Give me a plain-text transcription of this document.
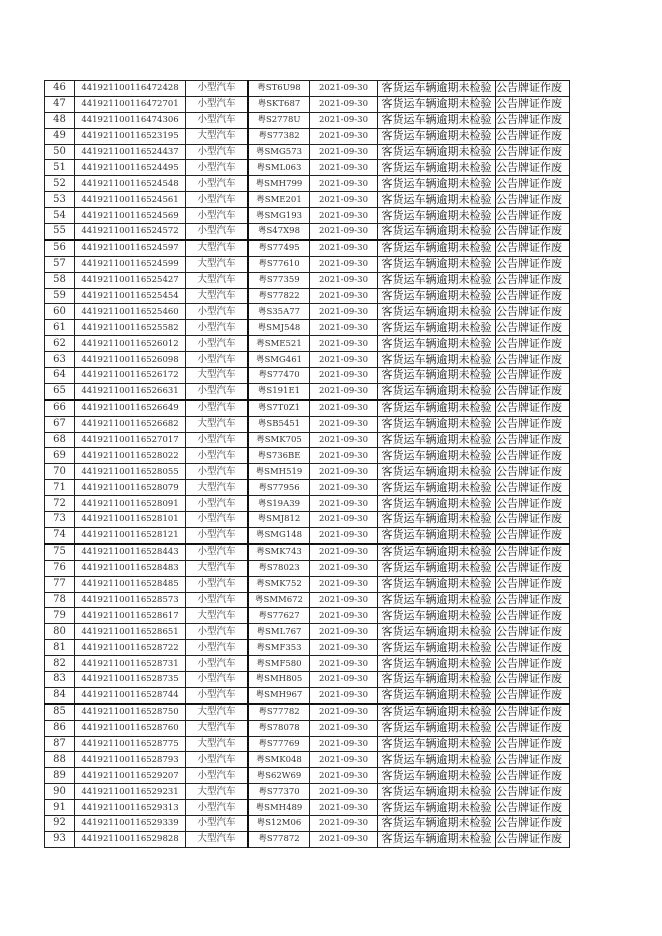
46	441921100116472428	小型汽车	粤ST6U98	2021-09-30	客货运车辆逾期未检验	公告牌证作废
47	441921100116472701	小型汽车	粤SKT687	2021-09-30	客货运车辆逾期未检验	公告牌证作废
48	441921100116474306	小型汽车	粤S2778U	2021-09-30	客货运车辆逾期未检验	公告牌证作废
49	441921100116523195	大型汽车	粤S77382	2021-09-30	客货运车辆逾期未检验	公告牌证作废
50	441921100116524437	小型汽车	粤SMG573	2021-09-30	客货运车辆逾期未检验	公告牌证作废
51	441921100116524495	小型汽车	粤SML063	2021-09-30	客货运车辆逾期未检验	公告牌证作废
52	441921100116524548	小型汽车	粤SMH799	2021-09-30	客货运车辆逾期未检验	公告牌证作废
53	441921100116524561	小型汽车	粤SME201	2021-09-30	客货运车辆逾期未检验	公告牌证作废
54	441921100116524569	小型汽车	粤SMG193	2021-09-30	客货运车辆逾期未检验	公告牌证作废
55	441921100116524572	小型汽车	粤S47X98	2021-09-30	客货运车辆逾期未检验	公告牌证作废
56	441921100116524597	大型汽车	粤S77495	2021-09-30	客货运车辆逾期未检验	公告牌证作废
57	441921100116524599	大型汽车	粤S77610	2021-09-30	客货运车辆逾期未检验	公告牌证作废
58	441921100116525427	大型汽车	粤S77359	2021-09-30	客货运车辆逾期未检验	公告牌证作废
59	441921100116525454	大型汽车	粤S77822	2021-09-30	客货运车辆逾期未检验	公告牌证作废
60	441921100116525460	小型汽车	粤S35A77	2021-09-30	客货运车辆逾期未检验	公告牌证作废
61	441921100116525582	小型汽车	粤SMJ548	2021-09-30	客货运车辆逾期未检验	公告牌证作废
62	441921100116526012	小型汽车	粤SME521	2021-09-30	客货运车辆逾期未检验	公告牌证作废
63	441921100116526098	小型汽车	粤SMG461	2021-09-30	客货运车辆逾期未检验	公告牌证作废
64	441921100116526172	大型汽车	粤S77470	2021-09-30	客货运车辆逾期未检验	公告牌证作废
65	441921100116526631	小型汽车	粤S191E1	2021-09-30	客货运车辆逾期未检验	公告牌证作废
66	441921100116526649	小型汽车	粤S7T0Z1	2021-09-30	客货运车辆逾期未检验	公告牌证作废
67	441921100116526682	大型汽车	粤SB5451	2021-09-30	客货运车辆逾期未检验	公告牌证作废
68	441921100116527017	小型汽车	粤SMK705	2021-09-30	客货运车辆逾期未检验	公告牌证作废
69	441921100116528022	小型汽车	粤S736BE	2021-09-30	客货运车辆逾期未检验	公告牌证作废
70	441921100116528055	小型汽车	粤SMH519	2021-09-30	客货运车辆逾期未检验	公告牌证作废
71	441921100116528079	大型汽车	粤S77956	2021-09-30	客货运车辆逾期未检验	公告牌证作废
72	441921100116528091	小型汽车	粤S19A39	2021-09-30	客货运车辆逾期未检验	公告牌证作废
73	441921100116528101	小型汽车	粤SMJ812	2021-09-30	客货运车辆逾期未检验	公告牌证作废
74	441921100116528121	小型汽车	粤SMG148	2021-09-30	客货运车辆逾期未检验	公告牌证作废
75	441921100116528443	小型汽车	粤SMK743	2021-09-30	客货运车辆逾期未检验	公告牌证作废
76	441921100116528483	大型汽车	粤S78023	2021-09-30	客货运车辆逾期未检验	公告牌证作废
77	441921100116528485	小型汽车	粤SMK752	2021-09-30	客货运车辆逾期未检验	公告牌证作废
78	441921100116528573	小型汽车	粤SMM672	2021-09-30	客货运车辆逾期未检验	公告牌证作废
79	441921100116528617	大型汽车	粤S77627	2021-09-30	客货运车辆逾期未检验	公告牌证作废
80	441921100116528651	小型汽车	粤SML767	2021-09-30	客货运车辆逾期未检验	公告牌证作废
81	441921100116528722	小型汽车	粤SMF353	2021-09-30	客货运车辆逾期未检验	公告牌证作废
82	441921100116528731	小型汽车	粤SMF580	2021-09-30	客货运车辆逾期未检验	公告牌证作废
83	441921100116528735	小型汽车	粤SMH805	2021-09-30	客货运车辆逾期未检验	公告牌证作废
84	441921100116528744	小型汽车	粤SMH967	2021-09-30	客货运车辆逾期未检验	公告牌证作废
85	441921100116528750	大型汽车	粤S77782	2021-09-30	客货运车辆逾期未检验	公告牌证作废
86	441921100116528760	大型汽车	粤S78078	2021-09-30	客货运车辆逾期未检验	公告牌证作废
87	441921100116528775	大型汽车	粤S77769	2021-09-30	客货运车辆逾期未检验	公告牌证作废
88	441921100116528793	小型汽车	粤SMK048	2021-09-30	客货运车辆逾期未检验	公告牌证作废
89	441921100116529207	小型汽车	粤S62W69	2021-09-30	客货运车辆逾期未检验	公告牌证作废
90	441921100116529231	大型汽车	粤S77370	2021-09-30	客货运车辆逾期未检验	公告牌证作废
91	441921100116529313	小型汽车	粤SMH489	2021-09-30	客货运车辆逾期未检验	公告牌证作废
92	441921100116529339	小型汽车	粤S12M06	2021-09-30	客货运车辆逾期未检验	公告牌证作废
93	441921100116529828	大型汽车	粤S77872	2021-09-30	客货运车辆逾期未检验	公告牌证作废
